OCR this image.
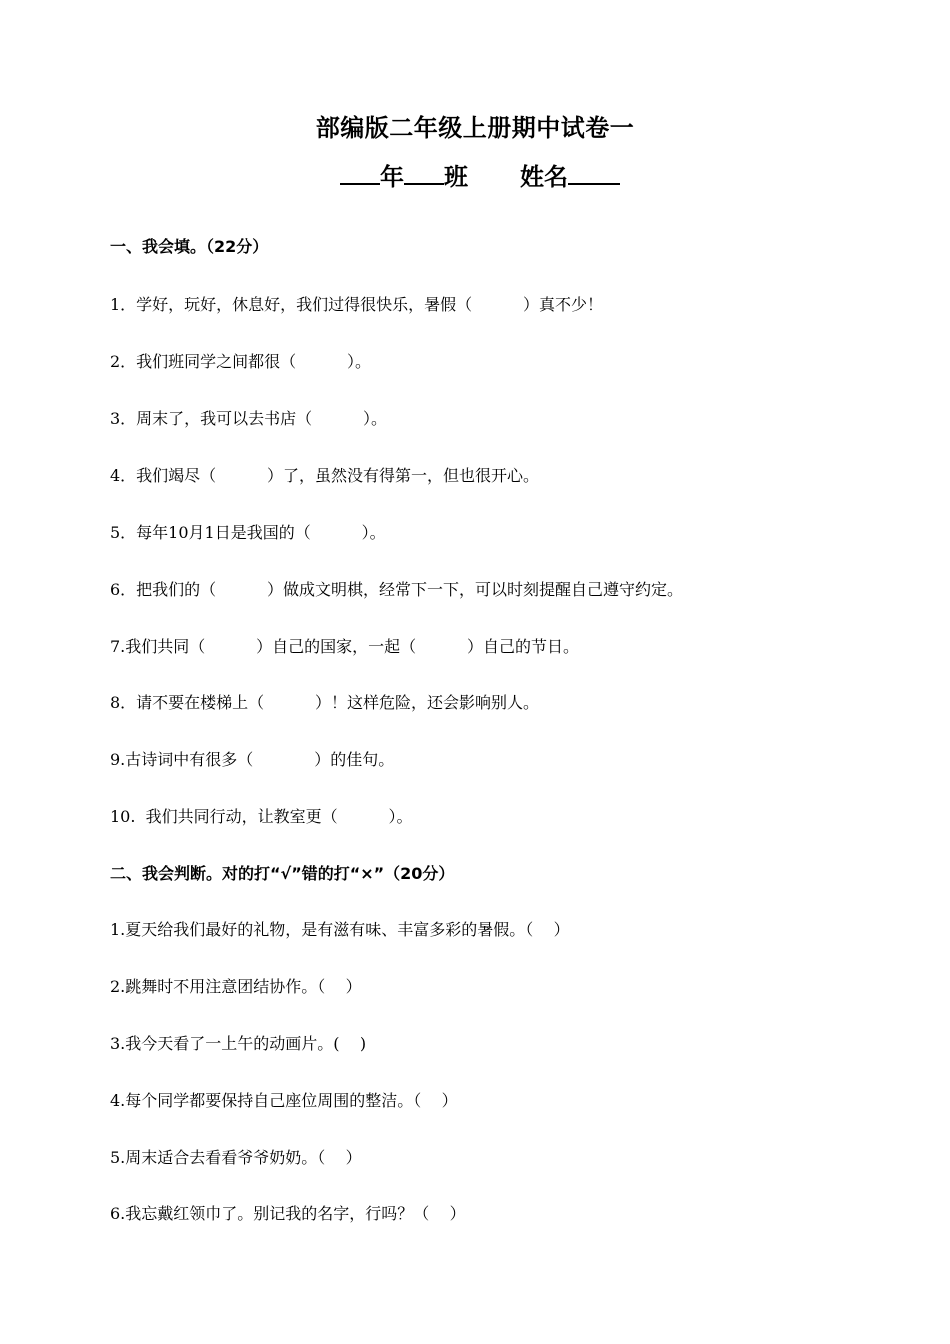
部编版二年级上册期中试卷一
年 班 姓名
一、我会填。（22分）
1．学好，玩好，休息好，我们过得很快乐，暑假（          ）真不少！
2．我们班同学之间都很（          ）。
3．周末了，我可以去书店（          ）。
4．我们竭尽（          ）了，虽然没有得第一，但也很开心。
5．每年10月1日是我国的（          ）。
6．把我们的（          ）做成文明棋，经常下一下，可以时刻提醒自己遵守约定。
7.我们共同（          ）自己的国家，一起（          ）自己的节日。
8．请不要在楼梯上（          ）！这样危险，还会影响别人。
9.古诗词中有很多（            ）的佳句。
10.  我们共同行动，让教室更（          ）。
二、我会判断。对的打“√”错的打“×”（20分）
1.夏天给我们最好的礼物，是有滋有味、丰富多彩的暑假。（    ）
2.跳舞时不用注意团结协作。（    ）
3.我今天看了一上午的动画片。(    )
4.每个同学都要保持自己座位周围的整洁。（    ）
5.周末适合去看看爷爷奶奶。（    ）
6.我忘戴红领巾了。别记我的名字，行吗？（    ）
